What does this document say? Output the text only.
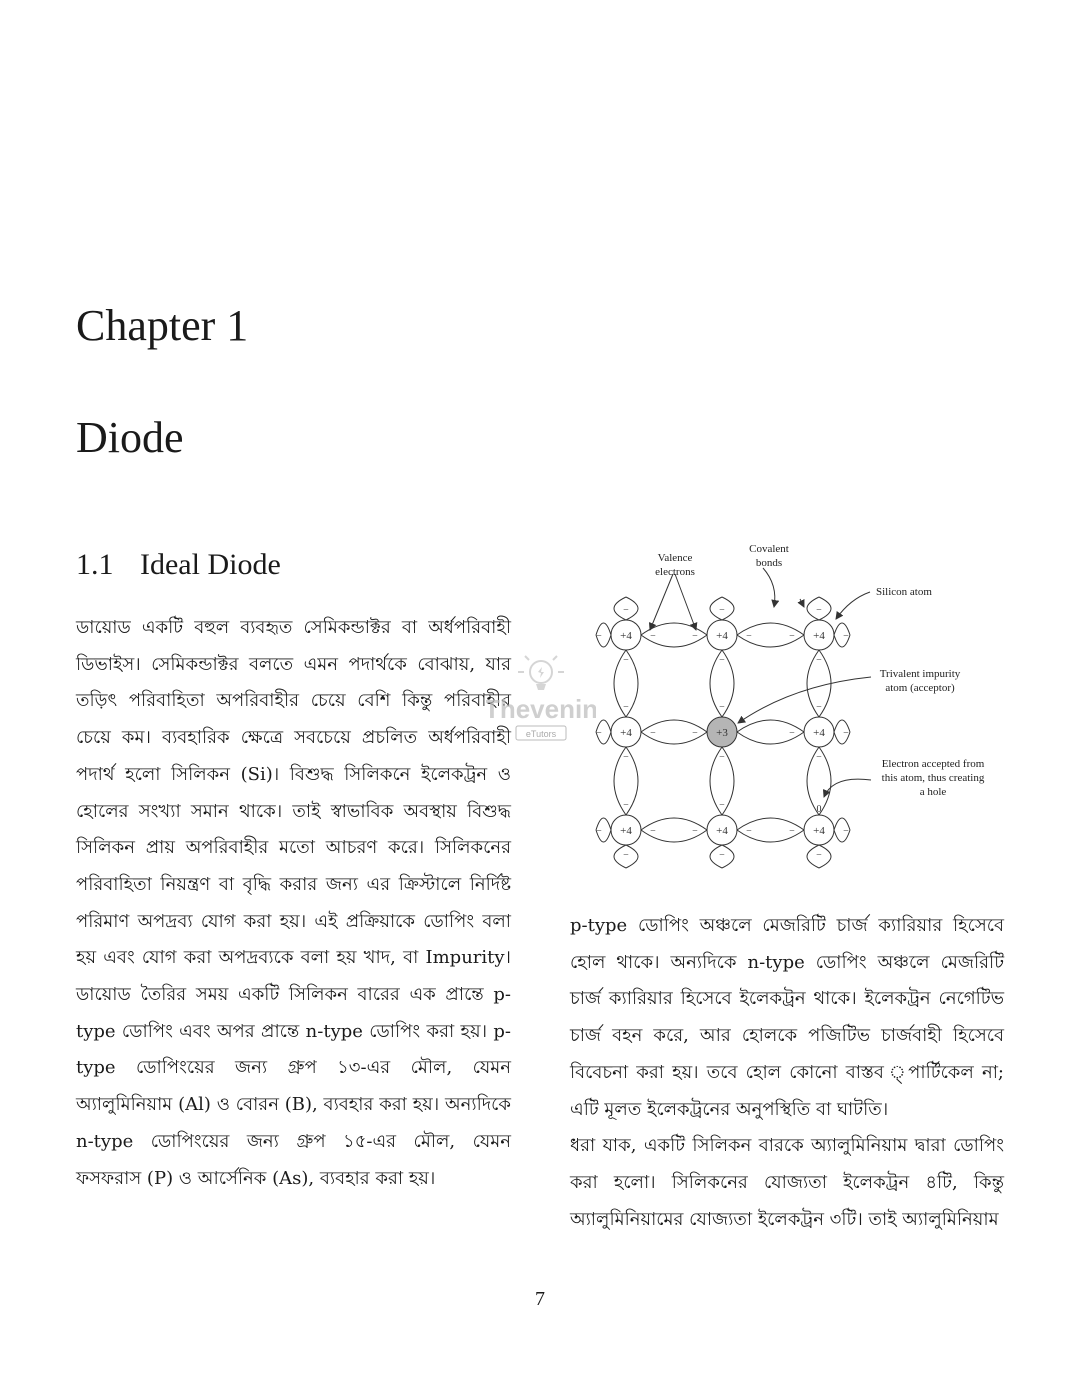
Chapter 1
Diode
1.1 Ideal Diode

ডায়োড একটি বহুল ব্যবহৃত সেমিকন্ডাক্টর বা অর্ধপরিবাহী ডিভাইস। সেমিকন্ডাক্টর বলতে এমন পদার্থকে বোঝায়, যার তড়িৎ পরিবাহিতা অপরিবাহীর চেয়ে বেশি কিন্তু পরিবাহীর চেয়ে কম। ব্যবহারিক ক্ষেত্রে সবচেয়ে প্রচলিত অর্ধপরিবাহী পদার্থ হলো সিলিকন (Si)। বিশুদ্ধ সিলিকনে ইলেকট্রন ও হোলের সংখ্যা সমান থাকে। তাই স্বাভাবিক অবস্থায় বিশুদ্ধ সিলিকন প্রায় অপরিবাহীর মতো আচরণ করে। সিলিকনের পরিবাহিতা নিয়ন্ত্রণ বা বৃদ্ধি করার জন্য এর ক্রিস্টালে নির্দিষ্ট পরিমাণ অপদ্রব্য যোগ করা হয়। এই প্রক্রিয়াকে ডোপিং বলা হয় এবং যোগ করা অপদ্রব্যকে বলা হয় খাদ, বা Impurity। ডায়োড তৈরির সময় একটি সিলিকন বারের এক প্রান্তে p-type ডোপিং এবং অপর প্রান্তে n-type ডোপিং করা হয়। p-type ডোপিংয়ের জন্য গ্রুপ ১৩-এর মৌল, যেমন অ্যালুমিনিয়াম (Al) ও বোরন (B), ব্যবহার করা হয়। অন্যদিকে n-type ডোপিংয়ের জন্য গ্রুপ ১৫-এর মৌল, যেমন ফসফরাস (P) ও আর্সেনিক (As), ব্যবহার করা হয়।

+4	+4	+4
+4	+3	+4
+4	+4	+4
−	−
−
−
−	−
−
−
−	−
−
−
−	−
−
−
−
−
−
−	−
−
−
−	−
−
−
−	−
−
−
−	−
−
Valence
electrons
Covalent
bonds
Silicon atom
Trivalent impurity
atom (acceptor)
Electron accepted from
this atom, thus creating
a hole
0
Thevenin
eTutors

p-type ডোপিং অঞ্চলে মেজরিটি চার্জ ক্যারিয়ার হিসেবে হোল থাকে। অন্যদিকে n-type ডোপিং অঞ্চলে মেজরিটি চার্জ ক্যারিয়ার হিসেবে ইলেকট্রন থাকে। ইলেকট্রন নেগেটিভ চার্জ বহন করে, আর হোলকে পজিটিভ চার্জবাহী হিসেবে বিবেচনা করা হয়। তবে হোল কোনো বাস্তব ্পার্টিকেল না; এটি মূলত ইলেকট্রনের অনুপস্থিতি বা ঘাটতি।

ধরা যাক, একটি সিলিকন বারকে অ্যালুমিনিয়াম দ্বারা ডোপিং করা হলো। সিলিকনের যোজ্যতা ইলেকট্রন ৪টি, কিন্তু অ্যালুমিনিয়ামের যোজ্যতা ইলেকট্রন ৩টি। তাই অ্যালুমিনিয়াম

7
